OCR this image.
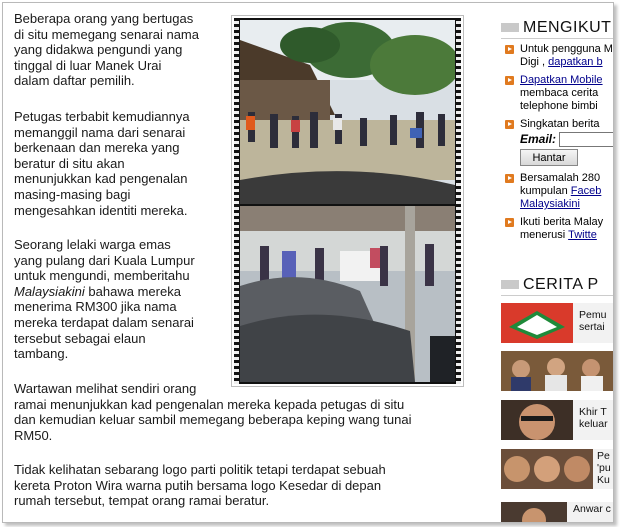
Beberapa orang yang bertugas
di situ memegang senarai nama
yang didakwa pengundi yang
tinggal di luar Manek Urai
dalam daftar pemilih.
Petugas terbabit kemudiannya
memanggil nama dari senarai
berkenaan dan mereka yang
beratur di situ akan
menunjukkan kad pengenalan
masing-masing bagi
mengesahkan identiti mereka.
Seorang lelaki warga emas
yang pulang dari Kuala Lumpur
untuk mengundi, memberitahu
Malaysiakini bahawa mereka
menerima RM300 jika nama
mereka terdapat dalam senarai
tersebut sebagai elaun
tambang.
Wartawan melihat sendiri orang
ramai menunjukkan kad pengenalan mereka kepada petugas di situ
dan kemudian keluar sambil memegang beberapa keping wang tunai
RM50.
Tidak kelihatan sebarang logo parti politik tetapi terdapat sebuah
kereta Proton Wira warna putih bersama logo Kesedar di depan
rumah tersebut, tempat orang ramai beratur.
MENGIKUT
Untuk pengguna M
Digi , dapatkan b
Dapatkan Mobile
membaca cerita
telephone bimbi
Singkatan berita
Bersamalah 280
kumpulan Faceb
Malaysiakini
Ikuti berita Malay
menerusi Twitte
Email:
Hantar
CERITA P
Pemu
sertai
Khir T
keluar
Pe
'pu
Ku
Anwar c
